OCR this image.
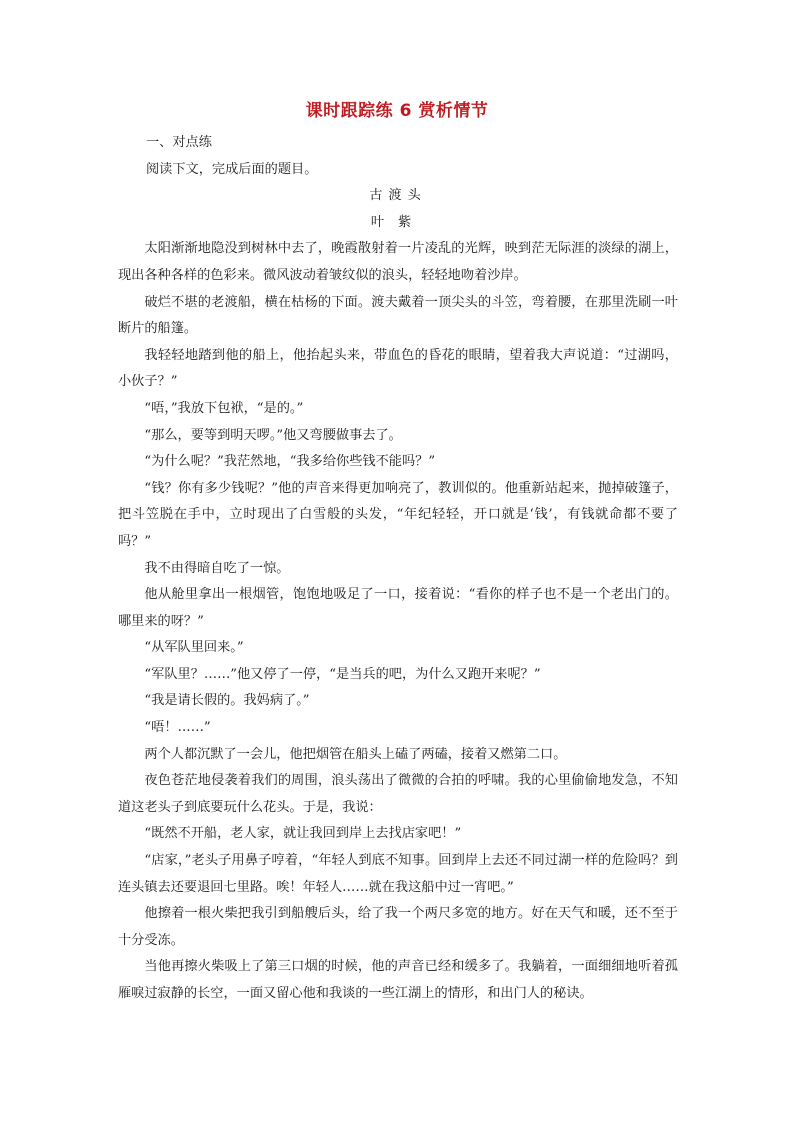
课时跟踪练 6 赏析情节

一、对点练

阅读下文，完成后面的题目。

古渡头

叶紫

太阳渐渐地隐没到树林中去了，晚霞散射着一片凌乱的光辉，映到茫无际涯的淡绿的湖上，现出各种各样的色彩来。微风波动着皱纹似的浪头，轻轻地吻着沙岸。

破烂不堪的老渡船，横在枯杨的下面。渡夫戴着一顶尖头的斗笠，弯着腰，在那里洗刷一叶断片的船篷。

我轻轻地踏到他的船上，他抬起头来，带血色的昏花的眼睛，望着我大声说道：“过湖吗，小伙子？”

“唔，”我放下包袱，“是的。”

“那么，要等到明天啰。”他又弯腰做事去了。

“为什么呢？”我茫然地，“我多给你些钱不能吗？”

“钱？你有多少钱呢？”他的声音来得更加响亮了，教训似的。他重新站起来，抛掉破篷子，把斗笠脱在手中，立时现出了白雪般的头发，“年纪轻轻，开口就是‘钱’，有钱就命都不要了吗？”

我不由得暗自吃了一惊。

他从舱里拿出一根烟管，饱饱地吸足了一口，接着说：“看你的样子也不是一个老出门的。哪里来的呀？”

“从军队里回来。”

“军队里？……”他又停了一停，“是当兵的吧，为什么又跑开来呢？”

“我是请长假的。我妈病了。”

“唔！……”

两个人都沉默了一会儿，他把烟管在船头上磕了两磕，接着又燃第二口。

夜色苍茫地侵袭着我们的周围，浪头荡出了微微的合拍的呼啸。我的心里偷偷地发急，不知道这老头子到底要玩什么花头。于是，我说：

“既然不开船，老人家，就让我回到岸上去找店家吧！”

“店家，”老头子用鼻子哼着，“年轻人到底不知事。回到岸上去还不同过湖一样的危险吗？到连头镇去还要退回七里路。唉！年轻人……就在我这船中过一宵吧。”

他擦着一根火柴把我引到船艘后头，给了我一个两尺多宽的地方。好在天气和暖，还不至于十分受冻。

当他再擦火柴吸上了第三口烟的时候，他的声音已经和缓多了。我躺着，一面细细地听着孤雁唳过寂静的长空，一面又留心他和我谈的一些江湖上的情形，和出门人的秘诀。
